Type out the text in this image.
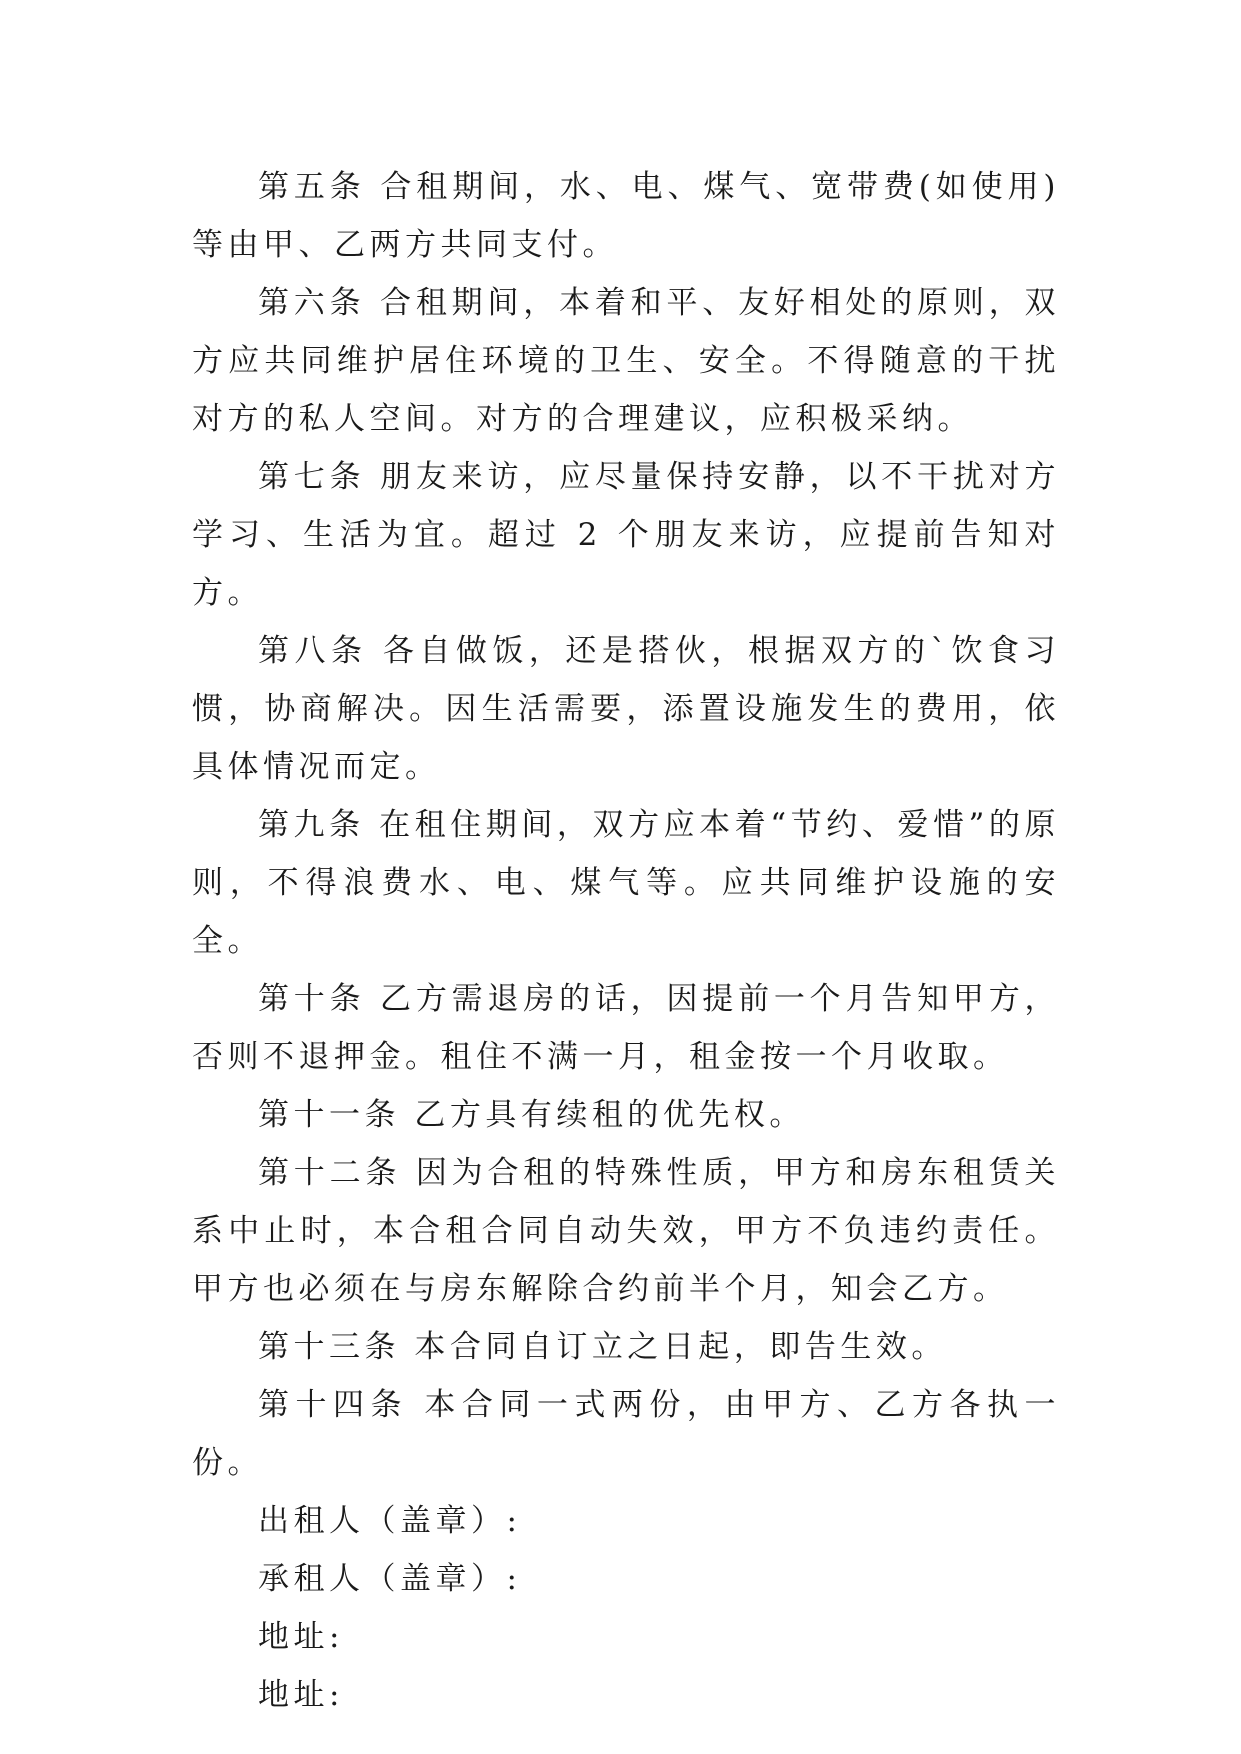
第五条 合租期间，水、电、煤气、宽带费(如使用)等由甲、乙两方共同支付。

第六条 合租期间，本着和平、友好相处的原则，双方应共同维护居住环境的卫生、安全。不得随意的干扰对方的私人空间。对方的合理建议，应积极采纳。

第七条 朋友来访，应尽量保持安静，以不干扰对方学习、生活为宜。超过 2 个朋友来访，应提前告知对方。

第八条 各自做饭，还是搭伙，根据双方的`饮食习惯，协商解决。因生活需要，添置设施发生的费用，依具体情况而定。

第九条 在租住期间，双方应本着“节约、爱惜”的原则，不得浪费水、电、煤气等。应共同维护设施的安全。

第十条 乙方需退房的话，因提前一个月告知甲方，否则不退押金。租住不满一月，租金按一个月收取。

第十一条 乙方具有续租的优先权。

第十二条 因为合租的特殊性质，甲方和房东租赁关系中止时，本合租合同自动失效，甲方不负违约责任。甲方也必须在与房东解除合约前半个月，知会乙方。

第十三条 本合同自订立之日起，即告生效。

第十四条 本合同一式两份，由甲方、乙方各执一份。

出租人（盖章）:

承租人（盖章）:

地址:

地址:
